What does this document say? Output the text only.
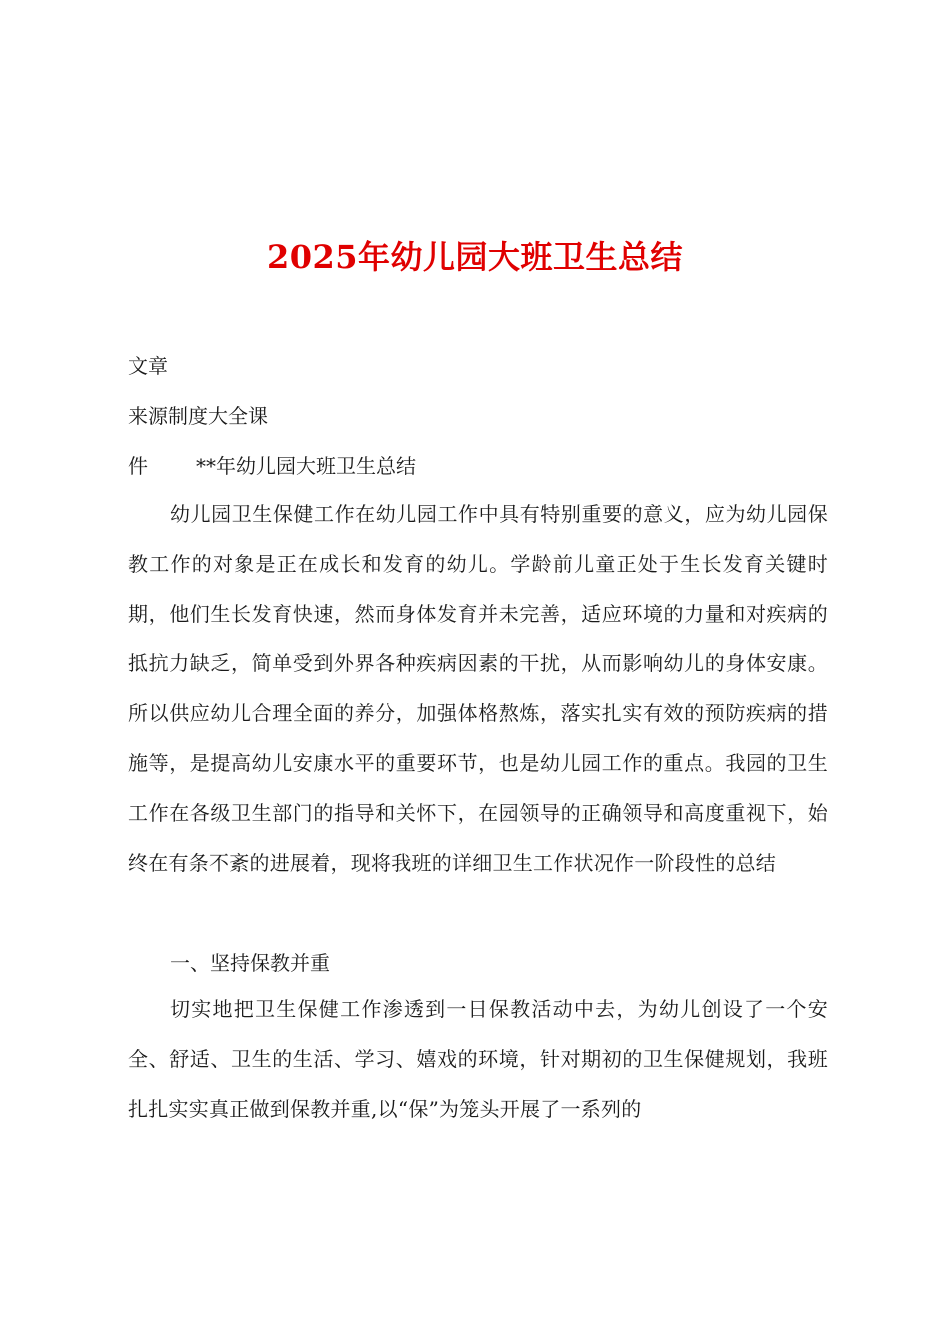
2025年幼儿园大班卫生总结
文章
来源制度大全课
件 **年幼儿园大班卫生总结

幼儿园卫生保健工作在幼儿园工作中具有特别重要的意义，应为幼儿园保教工作的对象是正在成长和发育的幼儿。学龄前儿童正处于生长发育关键时期，他们生长发育快速，然而身体发育并未完善，适应环境的力量和对疾病的抵抗力缺乏，简单受到外界各种疾病因素的干扰，从而影响幼儿的身体安康。所以供应幼儿合理全面的养分，加强体格熬炼，落实扎实有效的预防疾病的措施等，是提高幼儿安康水平的重要环节，也是幼儿园工作的重点。我园的卫生工作在各级卫生部门的指导和关怀下，在园领导的正确领导和高度重视下，始终在有条不紊的进展着，现将我班的详细卫生工作状况作一阶段性的总结

一、坚持保教并重

切实地把卫生保健工作渗透到一日保教活动中去，为幼儿创设了一个安全、舒适、卫生的生活、学习、嬉戏的环境，针对期初的卫生保健规划，我班扎扎实实真正做到保教并重,以“保”为笼头开展了一系列的
